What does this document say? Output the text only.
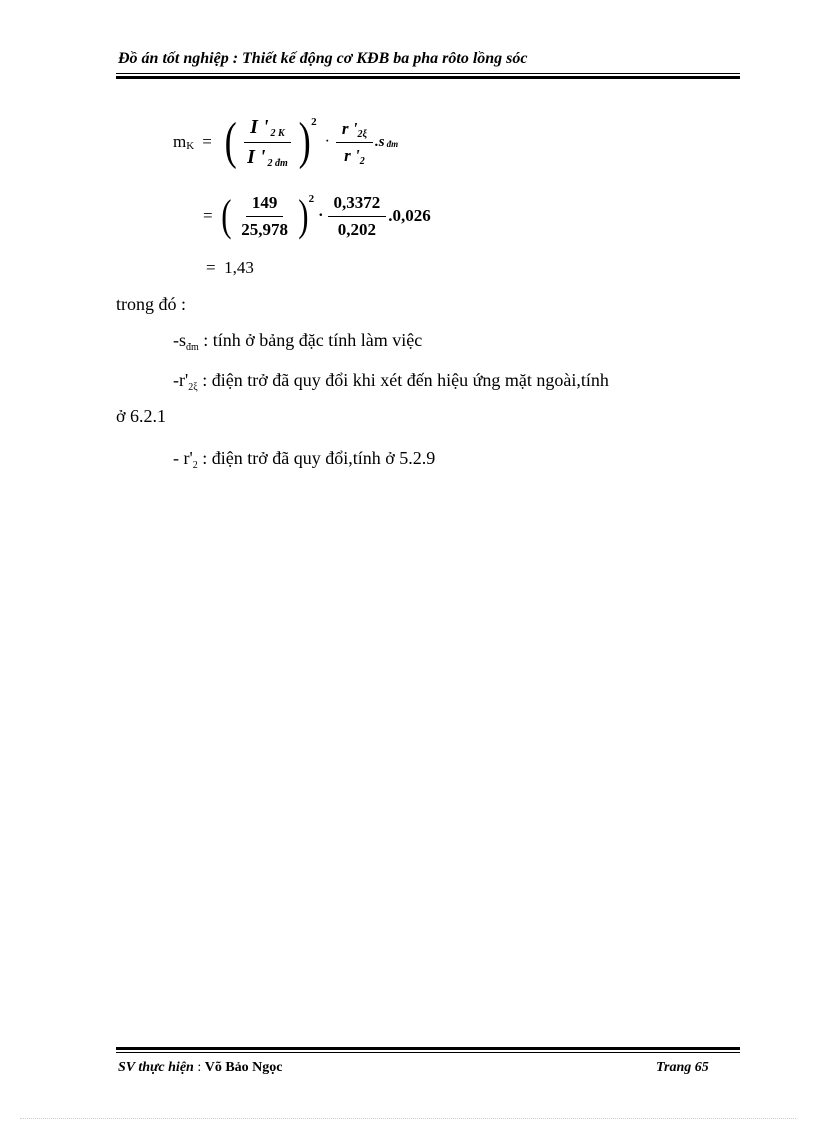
Đồ án tốt nghiệp : Thiết kế động cơ KĐB ba pha rôto lồng sóc
mK = ( $\frac{I ' 2 K}{I ' 2 đm}$ ) 2
· $\frac{r '2\xi}{r '2} .s$ đm
= ( $\frac{149}{25,978}$ ) 2
· $\frac{0,3372}{0,202} .0,026$
=  1,43
trong đó :
$-s_{đm}$ : tính ở bảng đặc tính làm việc
$-r'_{2\xi}$ : điện trở đã quy đổi khi xét đến hiệu ứng mặt ngoài,tính
ở 6.2.1
- $r'_2$ : điện trở đã quy đổi,tính ở 5.2.9
SV thực hiện : Võ Bảo Ngọc	Trang 65
